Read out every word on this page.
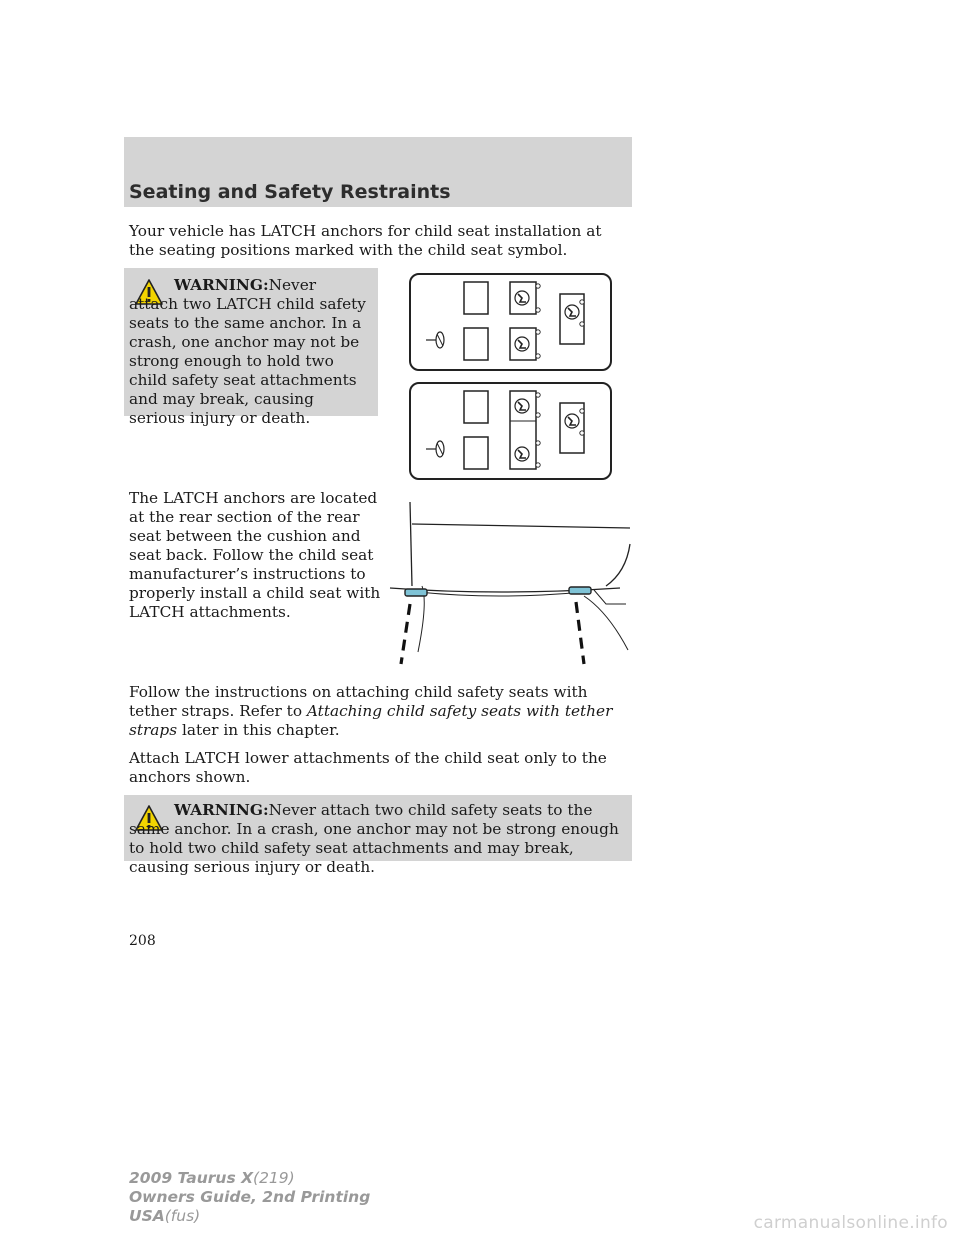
Seating and Safety Restraints

Your vehicle has LATCH anchors for child seat installation at the seating positions marked with the child seat symbol.

WARNING:Never attach two LATCH child safety seats to the same anchor. In a crash, one anchor may not be strong enough to hold two child safety seat attachments and may break, causing serious injury or death.

The LATCH anchors are located at the rear section of the rear seat between the cushion and seat back. Follow the child seat manufacturer’s instructions to properly install a child seat with LATCH attachments.

Follow the instructions on attaching child safety seats with tether straps. Refer to Attaching child safety seats with tether straps later in this chapter.

Attach LATCH lower attachments of the child seat only to the anchors shown.

WARNING:Never attach two child safety seats to the same anchor. In a crash, one anchor may not be strong enough to hold two child safety seat attachments and may break, causing serious injury or death.

208
2009 Taurus X(219)
Owners Guide, 2nd Printing
USA(fus)	carmanualsonline.info
